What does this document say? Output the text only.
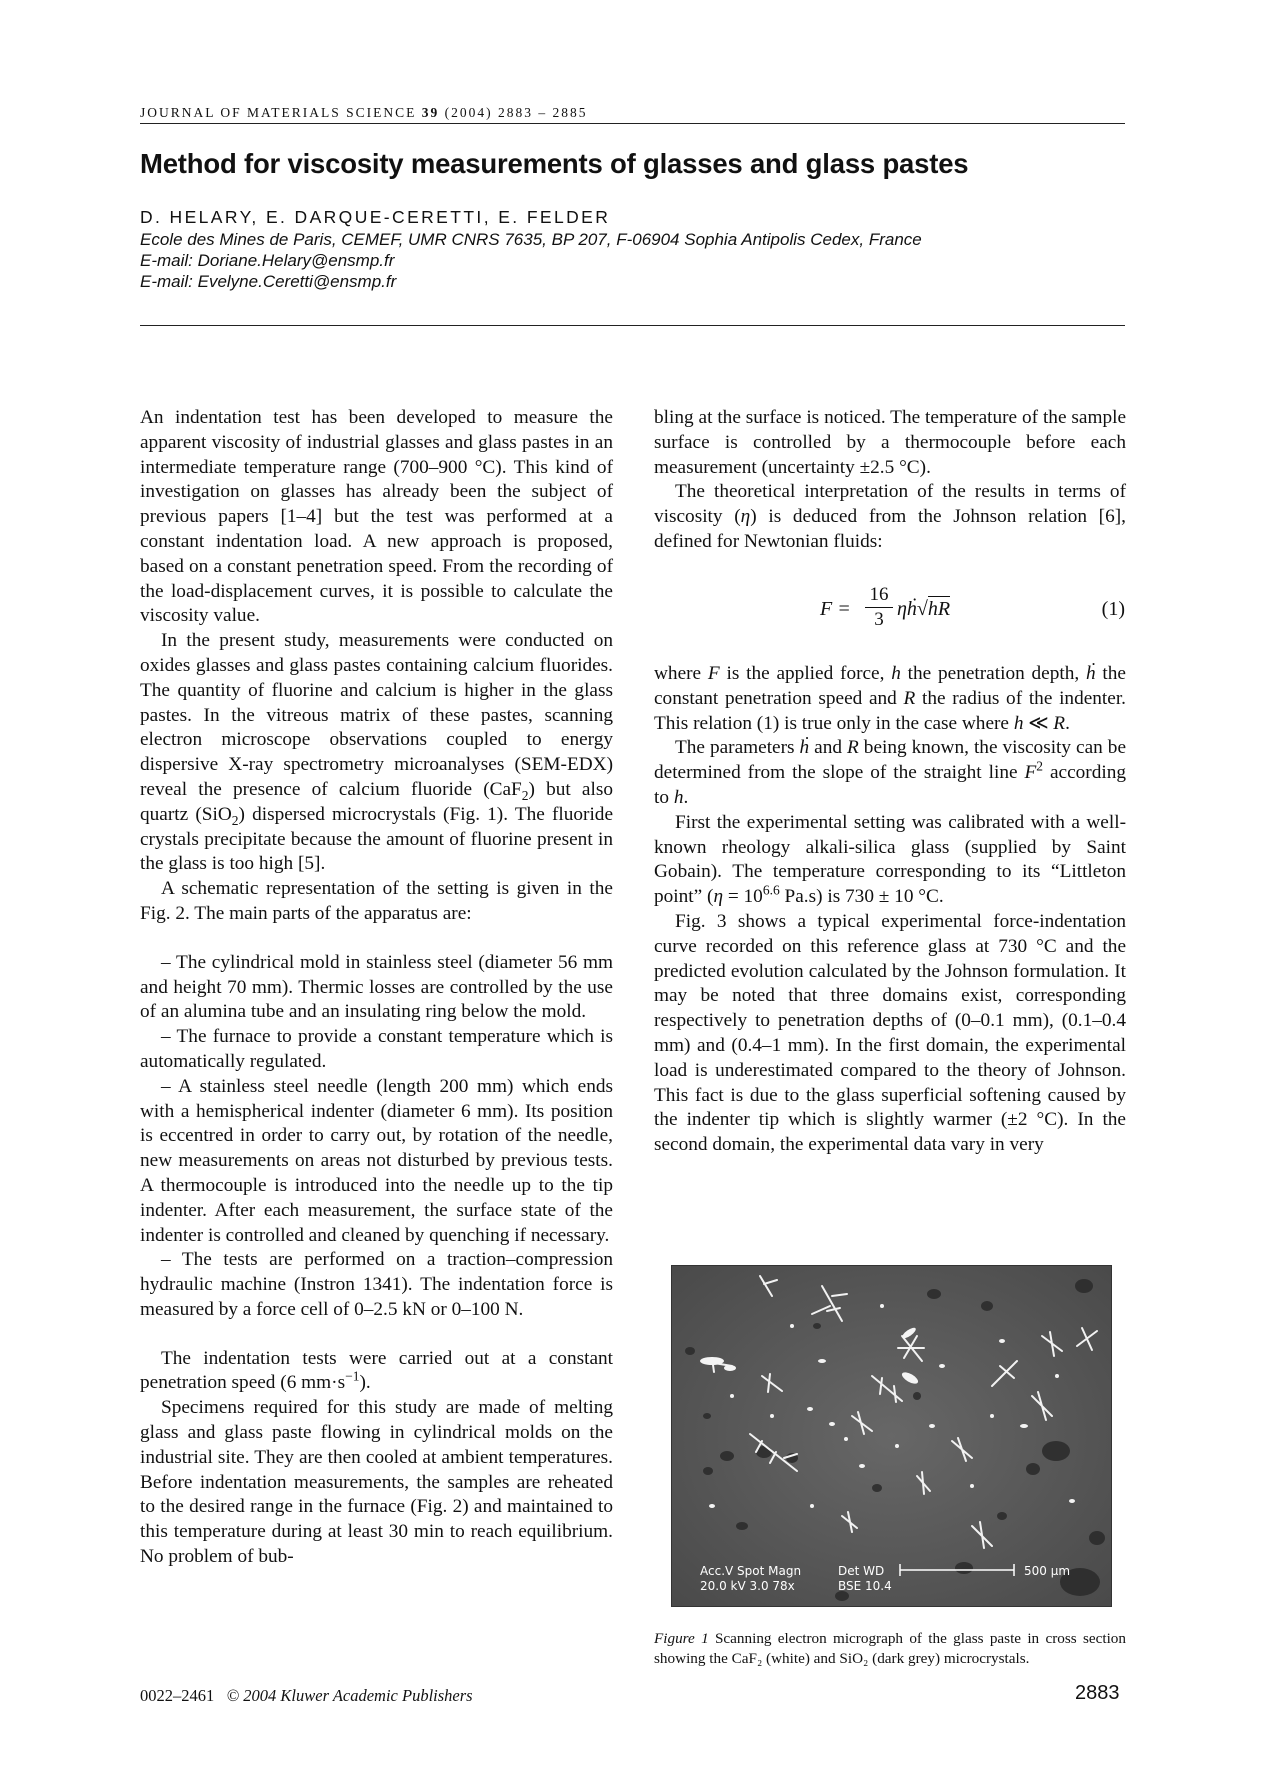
JOURNAL OF MATERIALS SCIENCE 39 (2004) 2883 – 2885
Method for viscosity measurements of glasses and glass pastes
D. HELARY, E. DARQUE-CERETTI, E. FELDER
Ecole des Mines de Paris, CEMEF, UMR CNRS 7635, BP 207, F-06904 Sophia Antipolis Cedex, France
E-mail: Doriane.Helary@ensmp.fr
E-mail: Evelyne.Ceretti@ensmp.fr

An indentation test has been developed to measure the apparent viscosity of industrial glasses and glass pastes in an intermediate temperature range (700–900 °C). This kind of investigation on glasses has already been the subject of previous papers [1–4] but the test was performed at a constant indentation load. A new approach is proposed, based on a constant penetration speed. From the recording of the load-displacement curves, it is possible to calculate the viscosity value.

In the present study, measurements were conducted on oxides glasses and glass pastes containing calcium fluorides. The quantity of fluorine and calcium is higher in the glass pastes. In the vitreous matrix of these pastes, scanning electron microscope observations coupled to energy dispersive X-ray spectrometry microanalyses (SEM-EDX) reveal the presence of calcium fluoride (CaF$_2$) but also quartz (SiO$_2$) dispersed microcrystals (Fig. 1). The fluoride crystals precipitate because the amount of fluorine present in the glass is too high [5].

A schematic representation of the setting is given in the Fig. 2. The main parts of the apparatus are:

– The cylindrical mold in stainless steel (diameter 56 mm and height 70 mm). Thermic losses are controlled by the use of an alumina tube and an insulating ring below the mold.

– The furnace to provide a constant temperature which is automatically regulated.

– A stainless steel needle (length 200 mm) which ends with a hemispherical indenter (diameter 6 mm). Its position is eccentred in order to carry out, by rotation of the needle, new measurements on areas not disturbed by previous tests. A thermocouple is introduced into the needle up to the tip indenter. After each measurement, the surface state of the indenter is controlled and cleaned by quenching if necessary.

– The tests are performed on a traction–compression hydraulic machine (Instron 1341). The indentation force is measured by a force cell of 0–2.5 kN or 0–100 N.

The indentation tests were carried out at a constant penetration speed (6 $mm\cdot s^{-1}$).

Specimens required for this study are made of melting glass and glass paste flowing in cylindrical molds on the industrial site. They are then cooled at ambient temperatures. Before indentation measurements, the samples are reheated to the desired range in the furnace (Fig. 2) and maintained to this temperature during at least 30 min to reach equilibrium. No problem of bub-

bling at the surface is noticed. The temperature of the sample surface is controlled by a thermocouple before each measurement (uncertainty ±2.5 °C).

The theoretical interpretation of the results in terms of viscosity (η) is deduced from the Johnson relation [6], defined for Newtonian fluids:

$F = \frac{16}{3}$ ηḣ√hR	(1)

where F is the applied force, h the penetration depth, ḣ the constant penetration speed and R the radius of the indenter. This relation (1) is true only in the case where h ≪ R.

The parameters ḣ and R being known, the viscosity can be determined from the slope of the straight line $F^2$ according to h.

First the experimental setting was calibrated with a well-known rheology alkali-silica glass (supplied by Saint Gobain). The temperature corresponding to its “Littleton point” ($\eta = 10^{6.6}$ Pa.s) is 730 ± 10 °C.

Fig. 3 shows a typical experimental force-indentation curve recorded on this reference glass at 730 °C and the predicted evolution calculated by the Johnson formulation. It may be noted that three domains exist, corresponding respectively to penetration depths of (0–0.1 mm), (0.1–0.4 mm) and (0.4–1 mm). In the first domain, the experimental load is underestimated compared to the theory of Johnson. This fact is due to the glass superficial softening caused by the indenter tip which is slightly warmer (±2 °C). In the second domain, the experimental data vary in very

Acc.V Spot Magn
20.0 kV 3.0 78x
Det WD
BSE 10.4
500 μm
Figure 1 Scanning electron micrograph of the glass paste in cross section showing the CaF₂ (white) and SiO₂ (dark grey) microcrystals.
0022–2461 © 2004 Kluwer Academic Publishers	2883
